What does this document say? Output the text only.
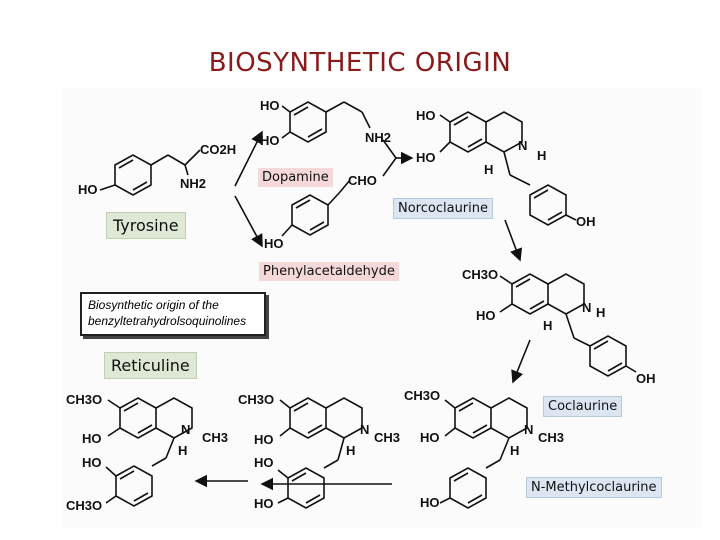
BIOSYNTHETIC ORIGIN
HO
CO2H
NH2
HO
HO	NH2
HO
CHO
HO
HO
N
H
H
OH
CH3O
HO
N H
H
OH
CH3O
HO
N
CH3
H
HO
CH3O
HO
N
CH3
H
HO
HO
CH3O
HO
N
CH3
H
HO
CH3O
Biosynthetic origin of the
benzyltetrahydrolsoquinolines
Tyrosine
Dopamine
Norcoclaurine
Phenylacetaldehyde
Reticuline
Coclaurine
N-Methylcoclaurine
